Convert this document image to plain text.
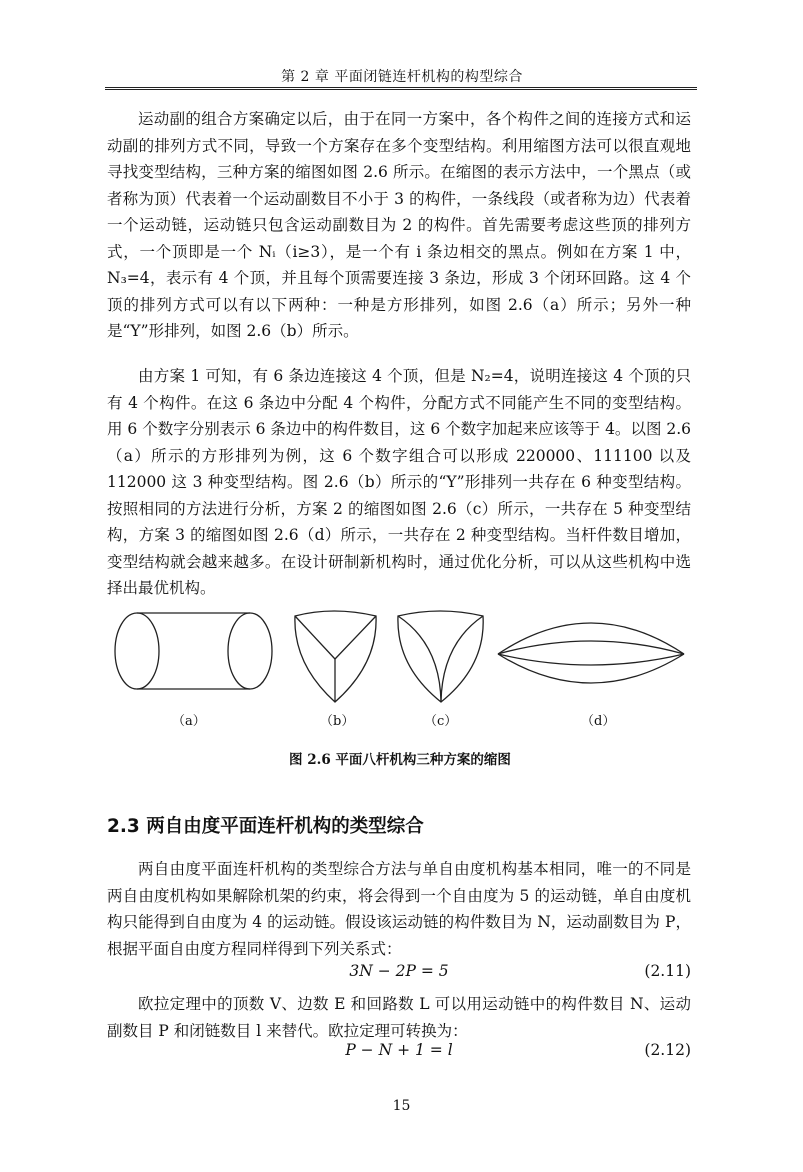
第 2 章 平面闭链连杆机构的构型综合

运动副的组合方案确定以后，由于在同一方案中，各个构件之间的连接方式和运动副的排列方式不同，导致一个方案存在多个变型结构。利用缩图方法可以很直观地寻找变型结构，三种方案的缩图如图 2.6 所示。在缩图的表示方法中，一个黑点（或者称为顶）代表着一个运动副数目不小于 3 的构件，一条线段（或者称为边）代表着一个运动链，运动链只包含运动副数目为 2 的构件。首先需要考虑这些顶的排列方式，一个顶即是一个 Nᵢ（i≥3），是一个有 i 条边相交的黑点。例如在方案 1 中，N₃=4，表示有 4 个顶，并且每个顶需要连接 3 条边，形成 3 个闭环回路。这 4 个顶的排列方式可以有以下两种：一种是方形排列，如图 2.6（a）所示；另外一种是“Y”形排列，如图 2.6（b）所示。

由方案 1 可知，有 6 条边连接这 4 个顶，但是 N₂=4，说明连接这 4 个顶的只有 4 个构件。在这 6 条边中分配 4 个构件，分配方式不同能产生不同的变型结构。用 6 个数字分别表示 6 条边中的构件数目，这 6 个数字加起来应该等于 4。以图 2.6（a）所示的方形排列为例，这 6 个数字组合可以形成 220000、111100 以及 112000 这 3 种变型结构。图 2.6（b）所示的“Y”形排列一共存在 6 种变型结构。按照相同的方法进行分析，方案 2 的缩图如图 2.6（c）所示，一共存在 5 种变型结构，方案 3 的缩图如图 2.6（d）所示，一共存在 2 种变型结构。当杆件数目增加，变型结构就会越来越多。在设计研制新机构时，通过优化分析，可以从这些机构中选择出最优机构。

（a）	（b）	（c）	（d）
图 2.6 平面八杆机构三种方案的缩图
2.3 两自由度平面连杆机构的类型综合

两自由度平面连杆机构的类型综合方法与单自由度机构基本相同，唯一的不同是两自由度机构如果解除机架的约束，将会得到一个自由度为 5 的运动链，单自由度机构只能得到自由度为 4 的运动链。假设该运动链的构件数目为 N，运动副数目为 P，根据平面自由度方程同样得到下列关系式：

3N − 2P = 5	(2.11)

欧拉定理中的顶数 V、边数 E 和回路数 L 可以用运动链中的构件数目 N、运动副数目 P 和闭链数目 l 来替代。欧拉定理可转换为：

P − N + 1 = l	(2.12)
15
